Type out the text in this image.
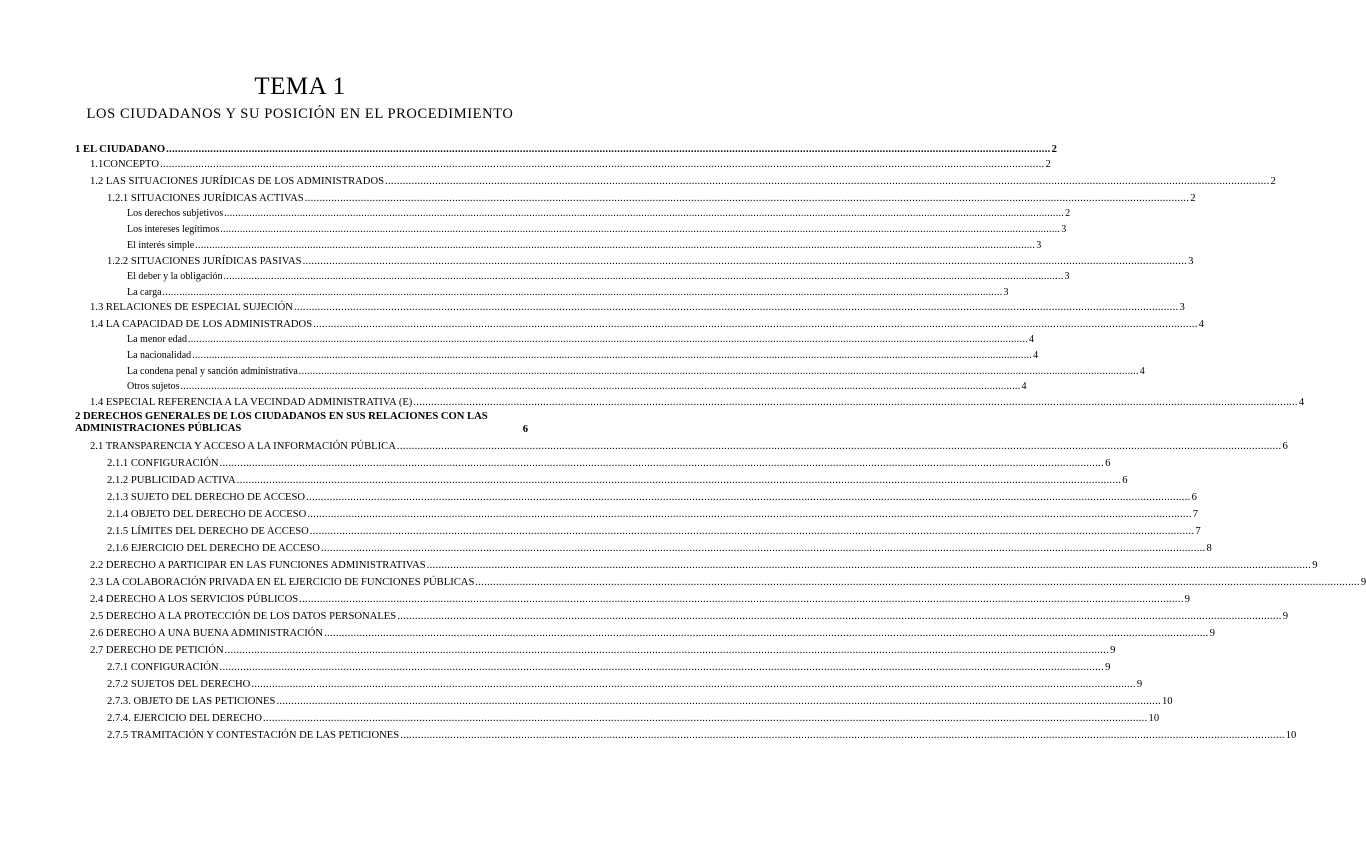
TEMA 1
LOS CIUDADANOS Y SU POSICIÓN EN EL PROCEDIMIENTO
1 EL CIUDADANO ............................................................................................................................................................................................................................................................................................................ 2
1.1CONCEPTO ............................................................................................................................................................................................................................................................................................................ 2
1.2 LAS SITUACIONES JURÍDICAS DE LOS ADMINISTRADOS ............................................................................................................................................................................................................................................................................................................ 2
1.2.1 SITUACIONES JURÍDICAS ACTIVAS ............................................................................................................................................................................................................................................................................................................ 2
Los derechos subjetivos ............................................................................................................................................................................................................................................................................................................ 2
Los intereses legítimos ............................................................................................................................................................................................................................................................................................................ 3
El interés simple ............................................................................................................................................................................................................................................................................................................ 3
1.2.2 SITUACIONES JURÍDICAS PASIVAS ............................................................................................................................................................................................................................................................................................................ 3
El deber y la obligación ............................................................................................................................................................................................................................................................................................................ 3
La carga ............................................................................................................................................................................................................................................................................................................ 3
1.3 RELACIONES DE ESPECIAL SUJECIÓN ............................................................................................................................................................................................................................................................................................................ 3
1.4 LA CAPACIDAD DE LOS ADMINISTRADOS ............................................................................................................................................................................................................................................................................................................ 4
La menor edad ............................................................................................................................................................................................................................................................................................................ 4
La nacionalidad ............................................................................................................................................................................................................................................................................................................ 4
La condena penal y sanción administrativa ............................................................................................................................................................................................................................................................................................................ 4
Otros sujetos ............................................................................................................................................................................................................................................................................................................ 4
1.4 ESPECIAL REFERENCIA A LA VECINDAD ADMINISTRATIVA (E) ............................................................................................................................................................................................................................................................................................................ 4
2 DERECHOS GENERALES DE LOS CIUDADANOS EN SUS RELACIONES CON LAS ADMINISTRACIONES PÚBLICAS	6
2.1 TRANSPARENCIA Y ACCESO A LA INFORMACIÓN PÚBLICA ............................................................................................................................................................................................................................................................................................................ 6
2.1.1 CONFIGURACIÓN ............................................................................................................................................................................................................................................................................................................ 6
2.1.2 PUBLICIDAD ACTIVA ............................................................................................................................................................................................................................................................................................................ 6
2.1.3 SUJETO DEL DERECHO DE ACCESO ............................................................................................................................................................................................................................................................................................................ 6
2.1.4 OBJETO DEL DERECHO DE ACCESO ............................................................................................................................................................................................................................................................................................................ 7
2.1.5 LÍMITES DEL DERECHO DE ACCESO ............................................................................................................................................................................................................................................................................................................ 7
2.1.6 EJERCICIO DEL DERECHO DE ACCESO ............................................................................................................................................................................................................................................................................................................ 8
2.2 DERECHO A PARTICIPAR EN LAS FUNCIONES ADMINISTRATIVAS ............................................................................................................................................................................................................................................................................................................ 9
2.3 LA COLABORACIÓN PRIVADA EN EL EJERCICIO DE FUNCIONES PÚBLICAS ............................................................................................................................................................................................................................................................................................................ 9
2.4 DERECHO A LOS SERVICIOS PÚBLICOS ............................................................................................................................................................................................................................................................................................................ 9
2.5 DERECHO A LA PROTECCIÓN DE LOS DATOS PERSONALES ............................................................................................................................................................................................................................................................................................................ 9
2.6 DERECHO A UNA BUENA ADMINISTRACIÓN ............................................................................................................................................................................................................................................................................................................ 9
2.7 DERECHO DE PETICIÓN ............................................................................................................................................................................................................................................................................................................ 9
2.7.1 CONFIGURACIÓN ............................................................................................................................................................................................................................................................................................................ 9
2.7.2 SUJETOS DEL DERECHO ............................................................................................................................................................................................................................................................................................................ 9
2.7.3. OBJETO DE LAS PETICIONES ............................................................................................................................................................................................................................................................................................................ 10
2.7.4. EJERCICIO DEL DERECHO ............................................................................................................................................................................................................................................................................................................ 10
2.7.5 TRAMITACIÓN Y CONTESTACIÓN DE LAS PETICIONES ............................................................................................................................................................................................................................................................................................................ 10
